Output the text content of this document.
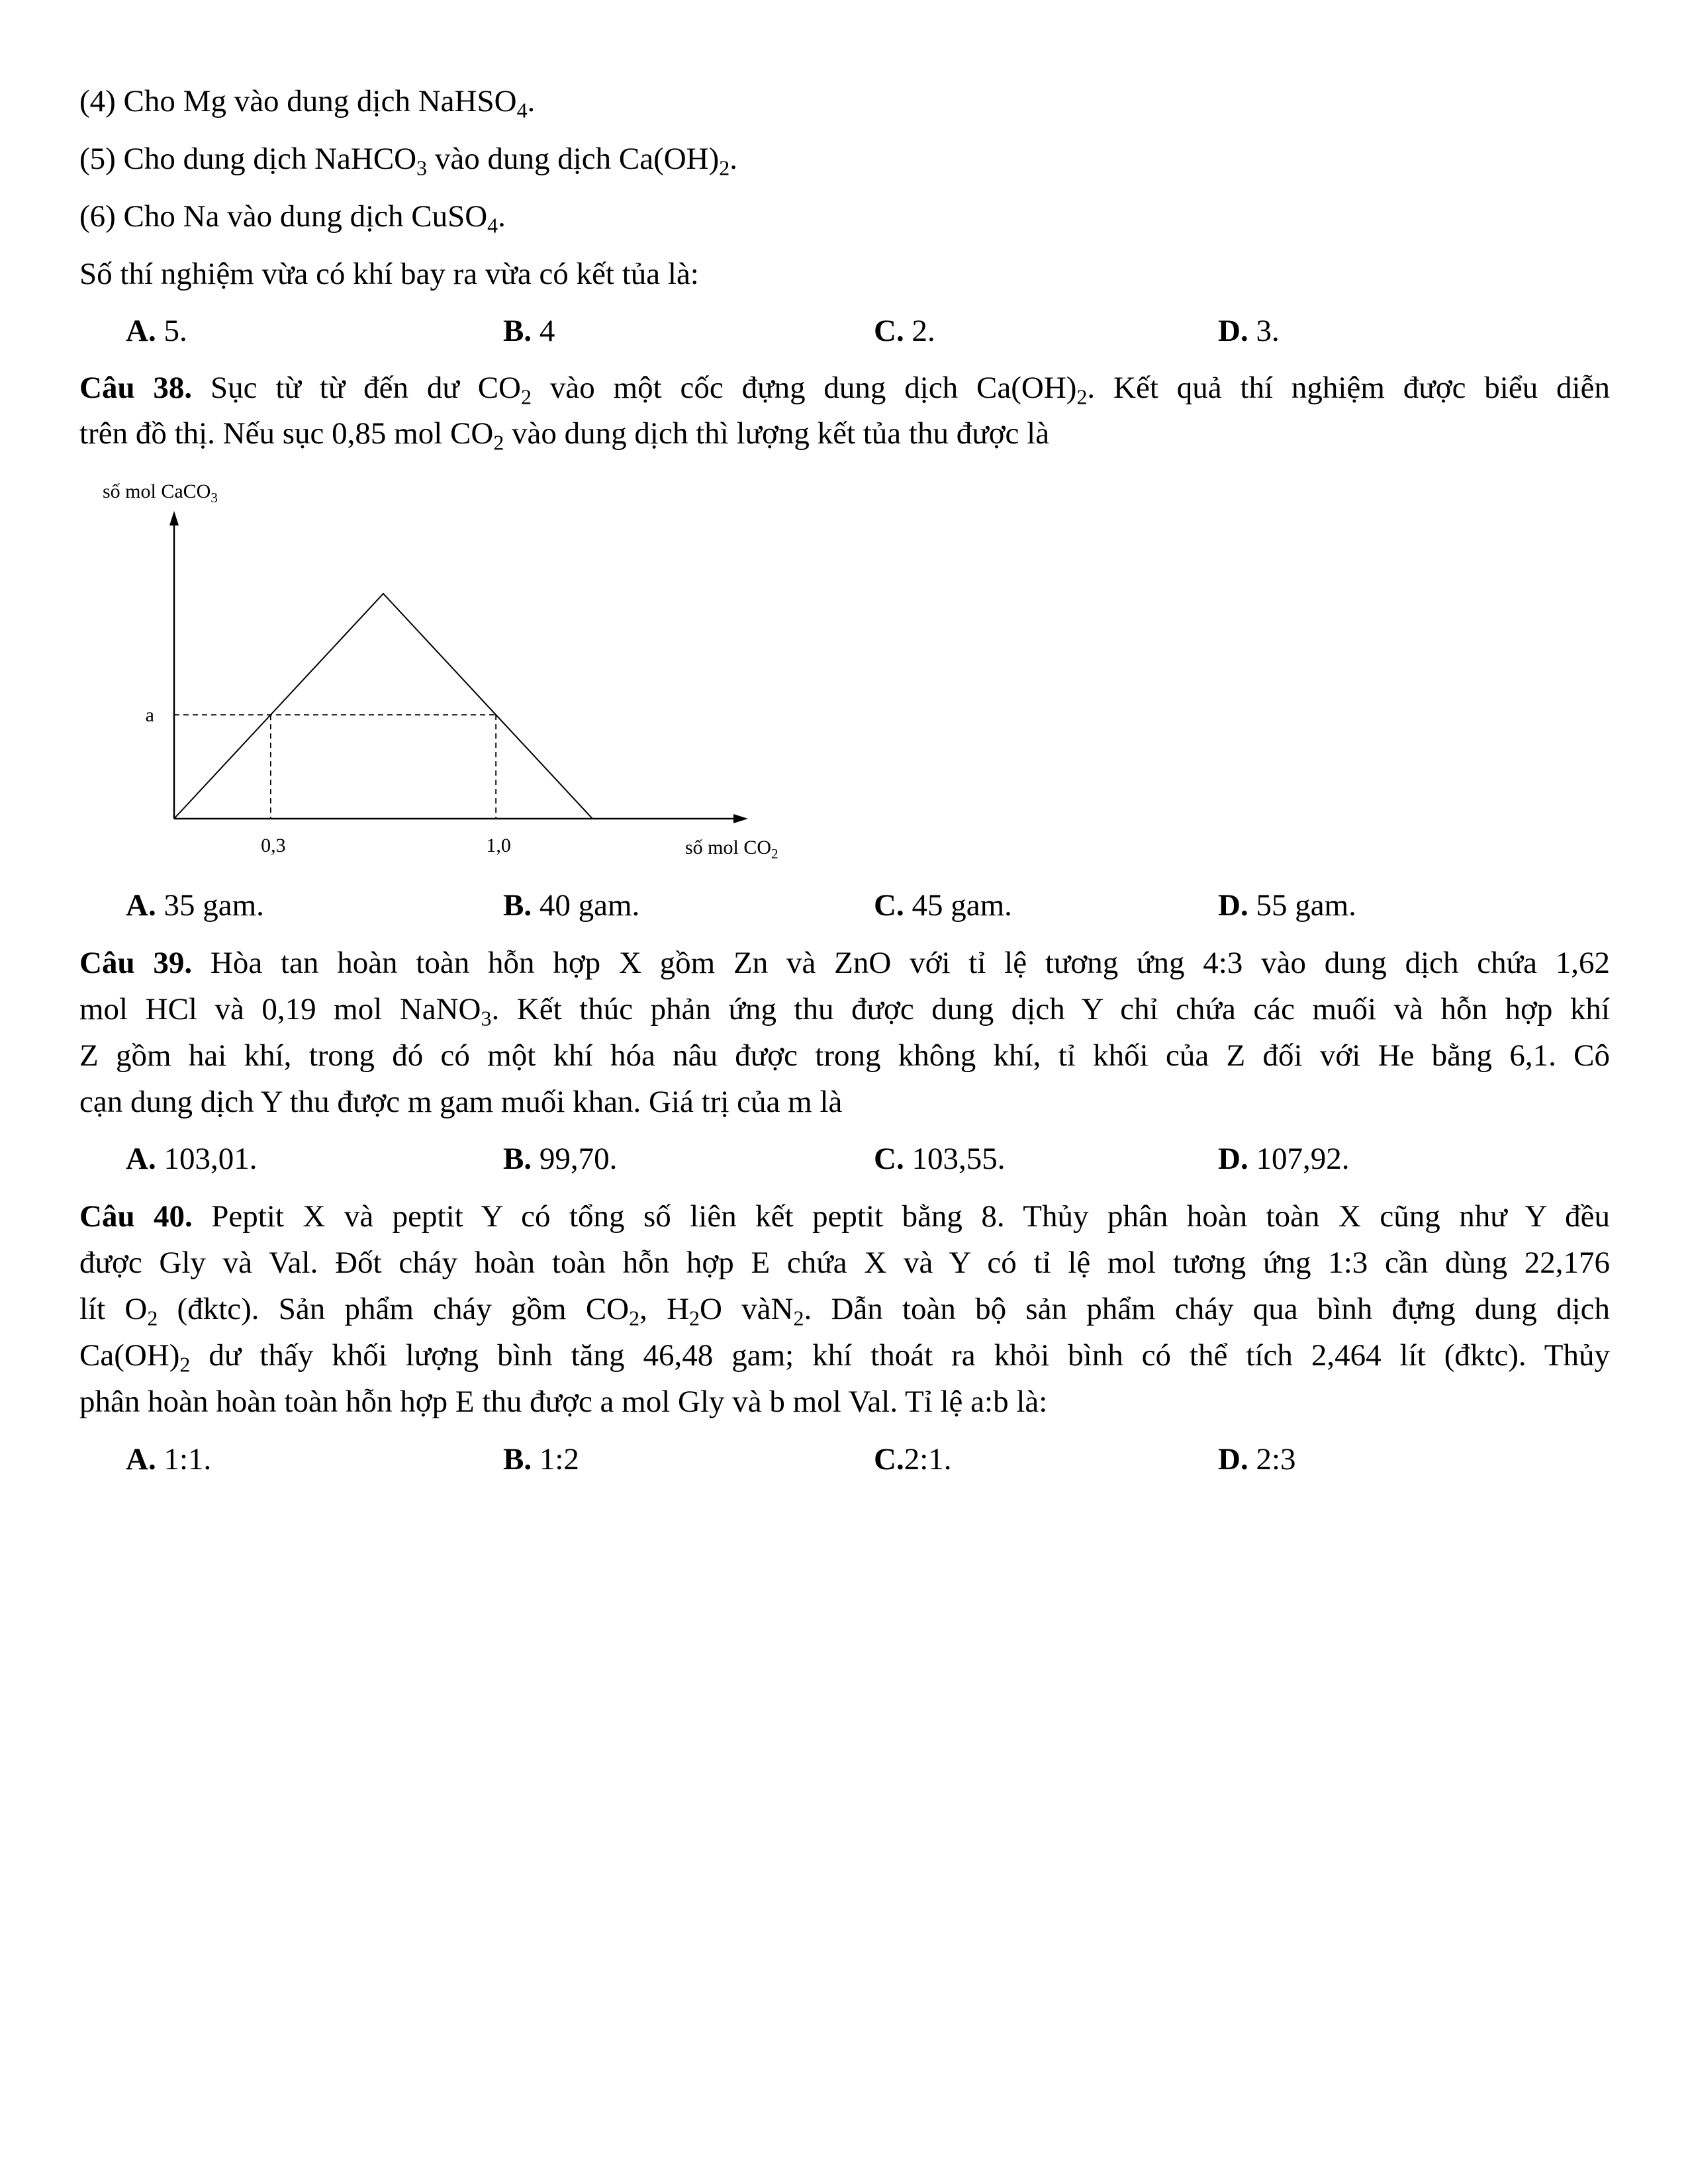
(4) Cho Mg vào dung dịch NaHSO$_4$.
(5) Cho dung dịch NaHCO$_3$ vào dung dịch $Ca(OH)_2$.
(6) Cho Na vào dung dịch CuSO$_4$.
Số thí nghiệm vừa có khí bay ra vừa có kết tủa là:
A. 5.	B. 4	C. 2.	D. 3.
Câu 38. Sục từ từ đến dư $CO_2$ vào một cốc đựng dung dịch $Ca(OH)_2$. Kết quả thí nghiệm được biểu diễn
trên đồ thị. Nếu sục 0,85 mol $CO_2$ vào dung dịch thì lượng kết tủa thu được là
số mol CaCO$_3$
a
0,3	1,0	số mol $CO_2$
A. 35 gam.	B. 40 gam.	C. 45 gam.	D. 55 gam.
Câu 39. Hòa tan hoàn toàn hỗn hợp X gồm Zn và ZnO với tỉ lệ tương ứng 4:3 vào dung dịch chứa 1,62
mol HCl và 0,19 mol NaNO$_3$. Kết thúc phản ứng thu được dung dịch Y chỉ chứa các muối và hỗn hợp khí
Z gồm hai khí, trong đó có một khí hóa nâu được trong không khí, tỉ khối của Z đối với He bằng 6,1. Cô
cạn dung dịch Y thu được m gam muối khan. Giá trị của m là
A. 103,01.	B. 99,70.	C. 103,55.	D. 107,92.
Câu 40. Peptit X và peptit Y có tổng số liên kết peptit bằng 8. Thủy phân hoàn toàn X cũng như Y đều
được Gly và Val. Đốt cháy hoàn toàn hỗn hợp E chứa X và Y có tỉ lệ mol tương ứng 1:3 cần dùng 22,176
lít $O_2$ (đktc). Sản phẩm cháy gồm $CO_2$, $H_2O$ vàN$_2$. Dẫn toàn bộ sản phẩm cháy qua bình đựng dung dịch
$Ca(OH)_2$ dư thấy khối lượng bình tăng 46,48 gam; khí thoát ra khỏi bình có thể tích 2,464 lít (đktc). Thủy
phân hoàn hoàn toàn hỗn hợp E thu được a mol Gly và b mol Val. Tỉ lệ a:b là:
A. 1:1.	B. 1:2	C.2:1.	D. 2:3
